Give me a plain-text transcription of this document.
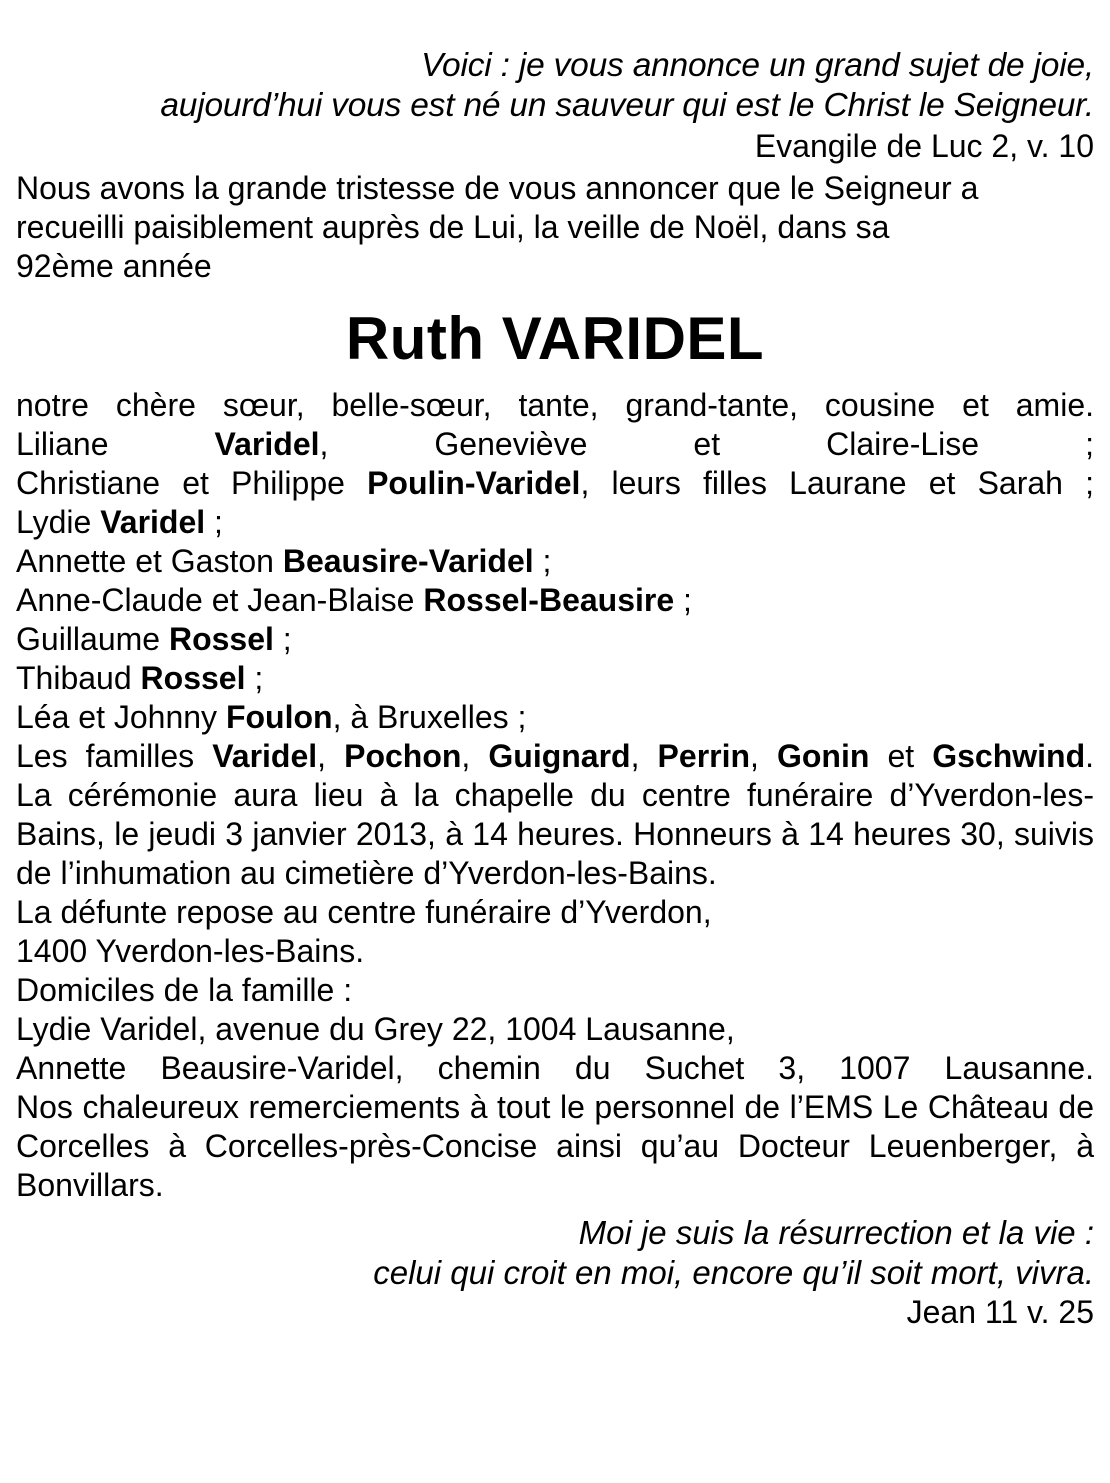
Voici : je vous annonce un grand sujet de joie,
aujourd’hui vous est né un sauveur qui est le Christ le Seigneur.
Evangile de Luc 2, v. 10
Nous avons la grande tristesse de vous annoncer que le Seigneur a
recueilli paisiblement auprès de Lui, la veille de Noël, dans sa
92ème année
Ruth VARIDEL
notre chère sœur, belle-sœur, tante, grand-tante, cousine et amie.
Liliane Varidel, Geneviève et Claire-Lise ;
Christiane et Philippe Poulin-Varidel, leurs filles Laurane et Sarah ;
Lydie Varidel ;
Annette et Gaston Beausire-Varidel ;
Anne-Claude et Jean-Blaise Rossel-Beausire ;
Guillaume Rossel ;
Thibaud Rossel ;
Léa et Johnny Foulon, à Bruxelles ;
Les familles Varidel, Pochon, Guignard, Perrin, Gonin et Gschwind.
La cérémonie aura lieu à la chapelle du centre funéraire d’Yverdon-les-Bains, le jeudi 3 janvier 2013, à 14 heures. Honneurs à 14 heures 30, suivis de l’inhumation au cimetière d’Yverdon-les-Bains.
La défunte repose au centre funéraire d’Yverdon,
1400 Yverdon-les-Bains.
Domiciles de la famille :
Lydie Varidel, avenue du Grey 22, 1004 Lausanne,
Annette Beausire-Varidel, chemin du Suchet 3, 1007 Lausanne.
Nos chaleureux remerciements à tout le personnel de l’EMS Le Château de Corcelles à Corcelles-près-Concise ainsi qu’au Docteur Leuenberger, à Bonvillars.
Moi je suis la résurrection et la vie :
celui qui croit en moi, encore qu’il soit mort, vivra.
Jean 11 v. 25
